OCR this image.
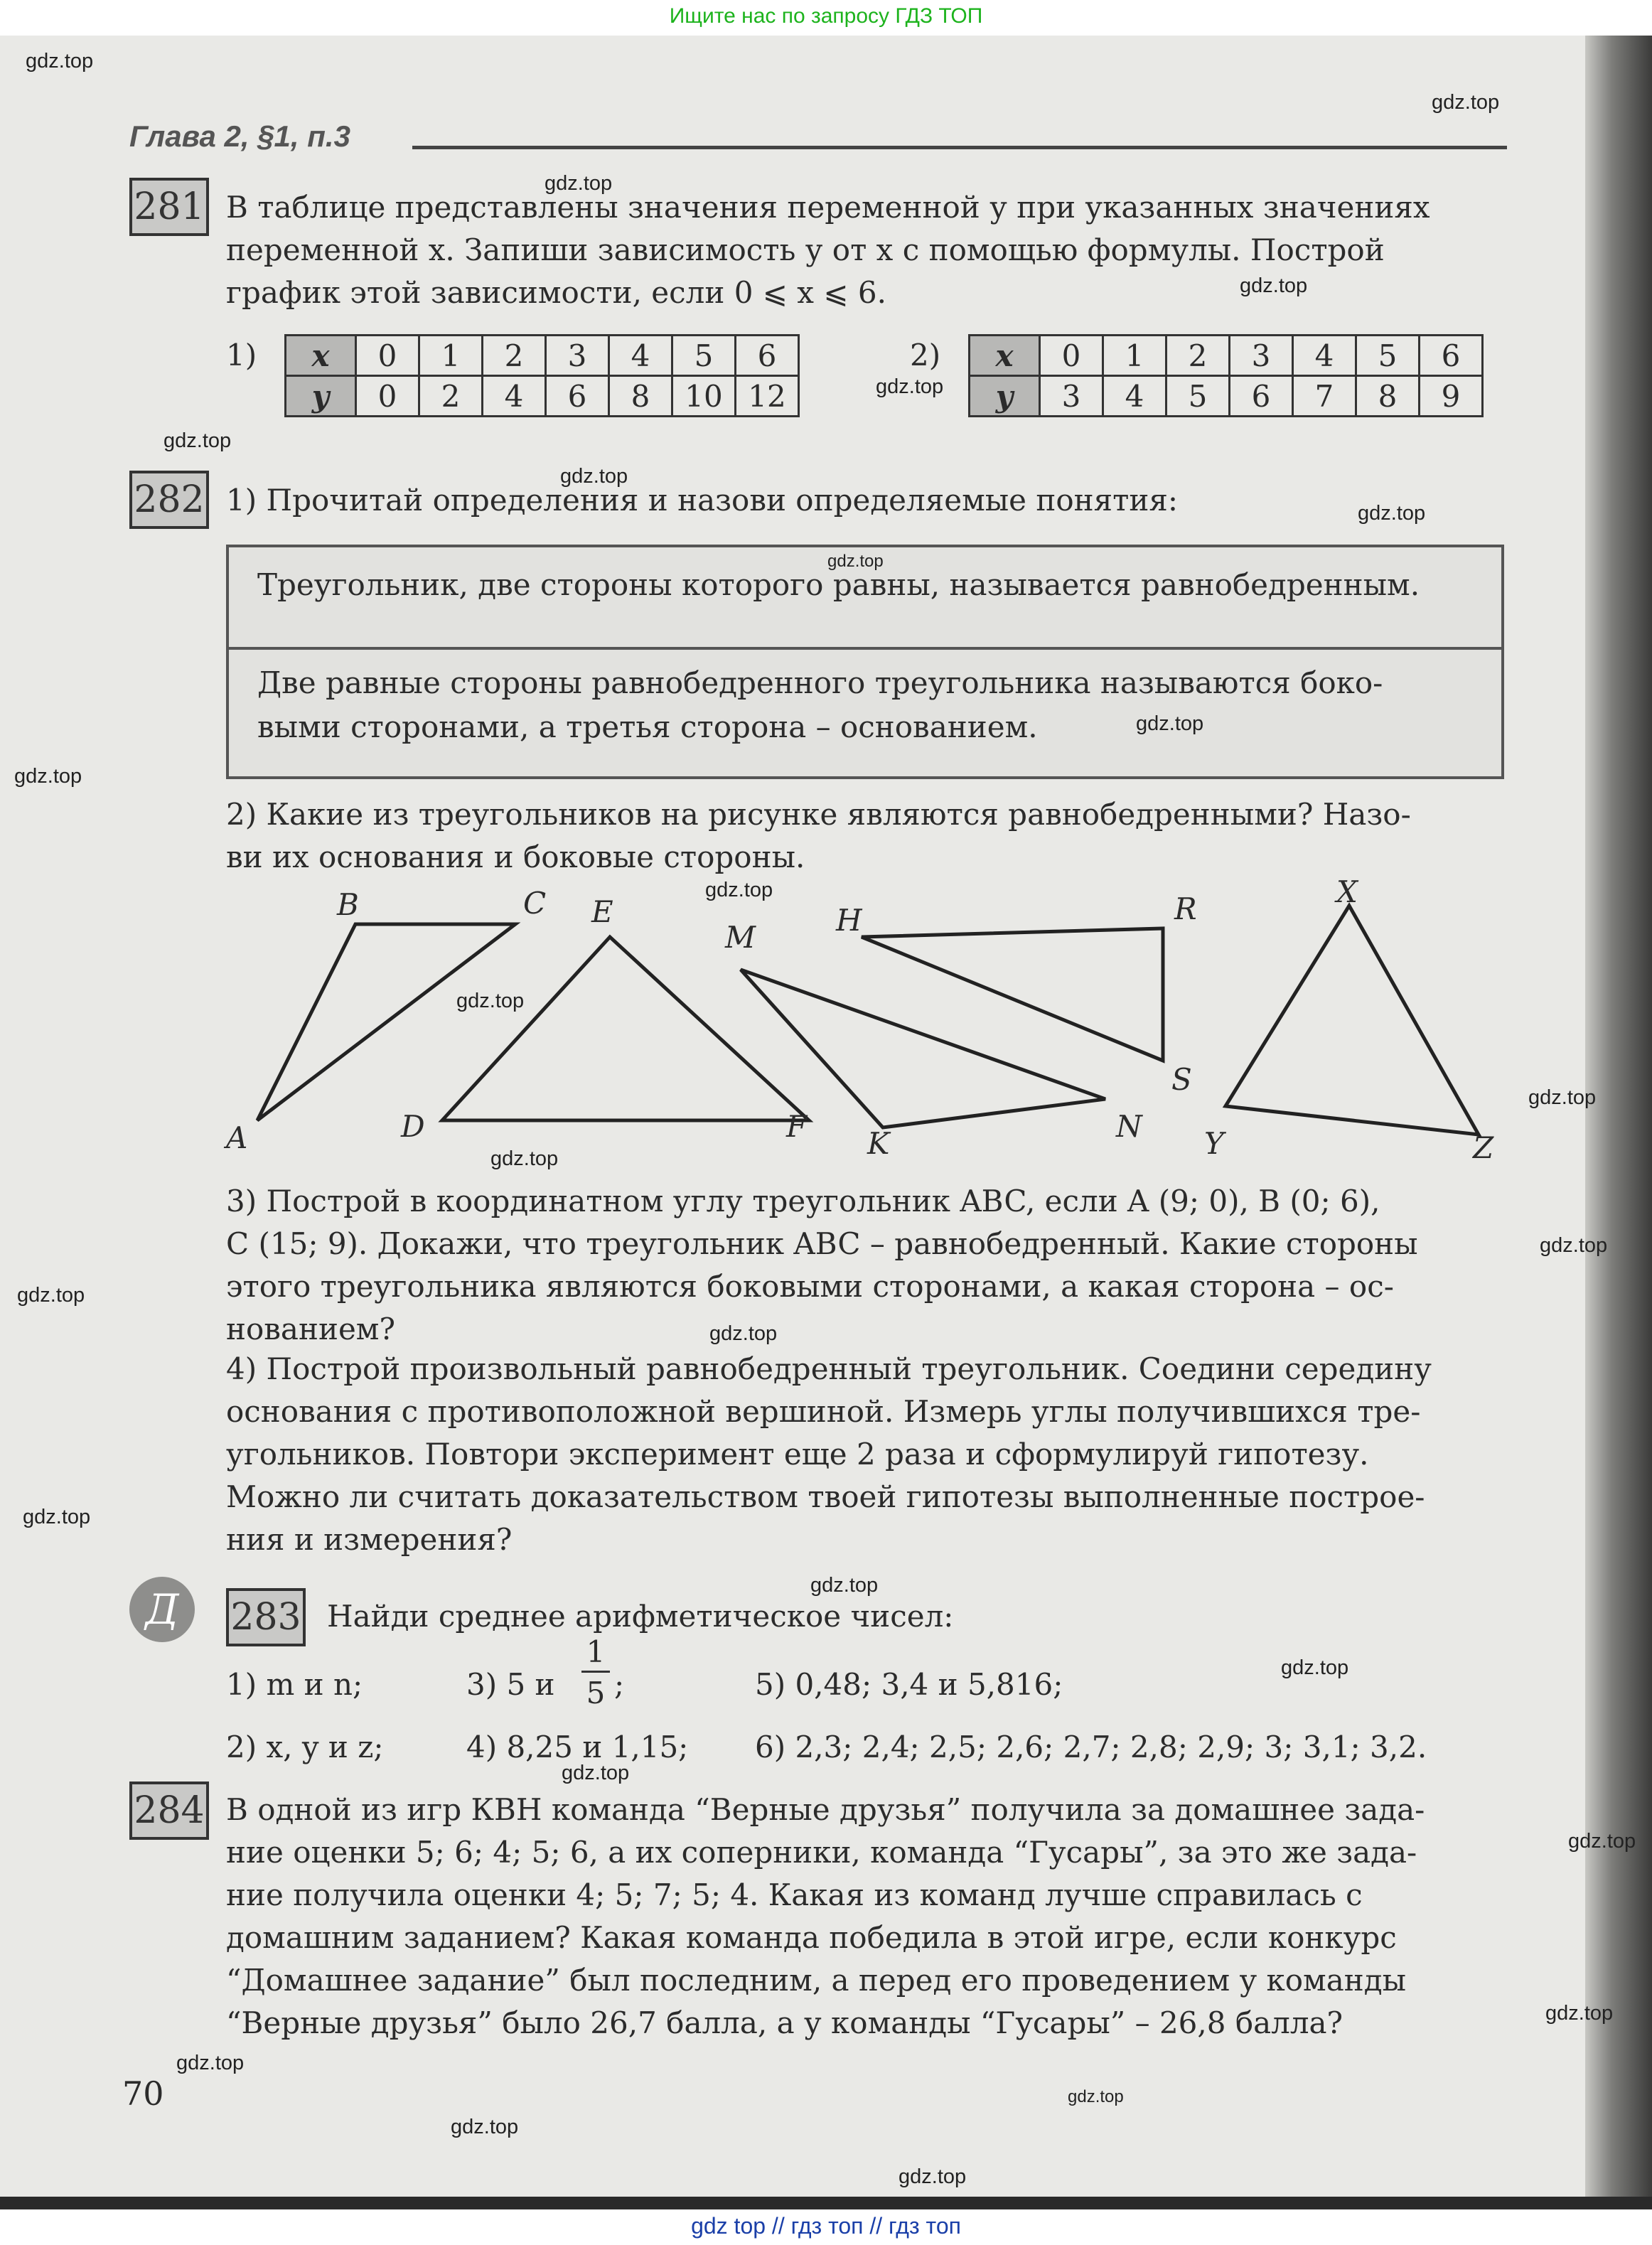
Ищите нас по запросу ГДЗ ТОП
Глава 2, §1, п.3
281 В таблице представлены значения переменной у при указанных значениях
переменной х. Запиши зависимость у от х с помощью формулы. Построй
график этой зависимости, если 0 ⩽ х ⩽ 6.
1) x	0	1	2	3	4	5	6
y	0	2	4	6	8	10	12
2) x	0	1	2	3	4	5	6
y	3	4	5	6	7	8	9
282 1) Прочитай определения и назови определяемые понятия:
Треугольник, две стороны которого равны, называется равнобедренным.
Две равные стороны равнобедренного треугольника называются боко-
выми сторонами, а третья сторона – основанием.
2) Какие из треугольников на рисунке являются равнобедренными? Назо-
ви их основания и боковые стороны.
B	C
A
E
D	F
M
K	N
H	R
S
X
Y	Z
3) Построй в координатном углу треугольник ABC, если A (9; 0), B (0; 6),
C (15; 9). Докажи, что треугольник ABC – равнобедренный. Какие стороны
этого треугольника являются боковыми сторонами, а какая сторона – ос-
нованием?
4) Построй произвольный равнобедренный треугольник. Соедини середину
основания с противоположной вершиной. Измерь углы получившихся тре-
угольников. Повтори эксперимент еще 2 раза и сформулируй гипотезу.
Можно ли считать доказательством твоей гипотезы выполненные построе-
ния и измерения?
Д	283 Найди среднее арифметическое чисел:
1) m и n;	3) 5 и
1
5 ;	5) 0,48; 3,4 и 5,816;
2) x, y и z;	4) 8,25 и 1,15; 6) 2,3; 2,4; 2,5; 2,6; 2,7; 2,8; 2,9; 3; 3,1; 3,2.
284 В одной из игр КВН команда “Верные друзья” получила за домашнее зада-
ние оценки 5; 6; 4; 5; 6, а их соперники, команда “Гусары”, за это же зада-
ние получила оценки 4; 5; 7; 5; 4. Какая из команд лучше справилась с
домашним заданием? Какая команда победила в этой игре, если конкурс
“Домашнее задание” был последним, а перед его проведением у команды
“Верные друзья” было 26,7 балла, а у команды “Гусары” – 26,8 балла?
70
gdz.top
gdz.top
gdz.top
gdz.top
gdz.top
gdz.top
gdz.top
gdz.top
gdz.top
gdz.top
gdz.top
gdz.top
gdz.top
gdz.top
gdz.top
gdz.top
gdz.top
gdz.top
gdz.top
gdz.top
gdz.top
gdz.top
gdz.top
gdz.top
gdz.top
gdz.top
gdz.top
gdz.top
gdz top // гдз топ // гдз топ
